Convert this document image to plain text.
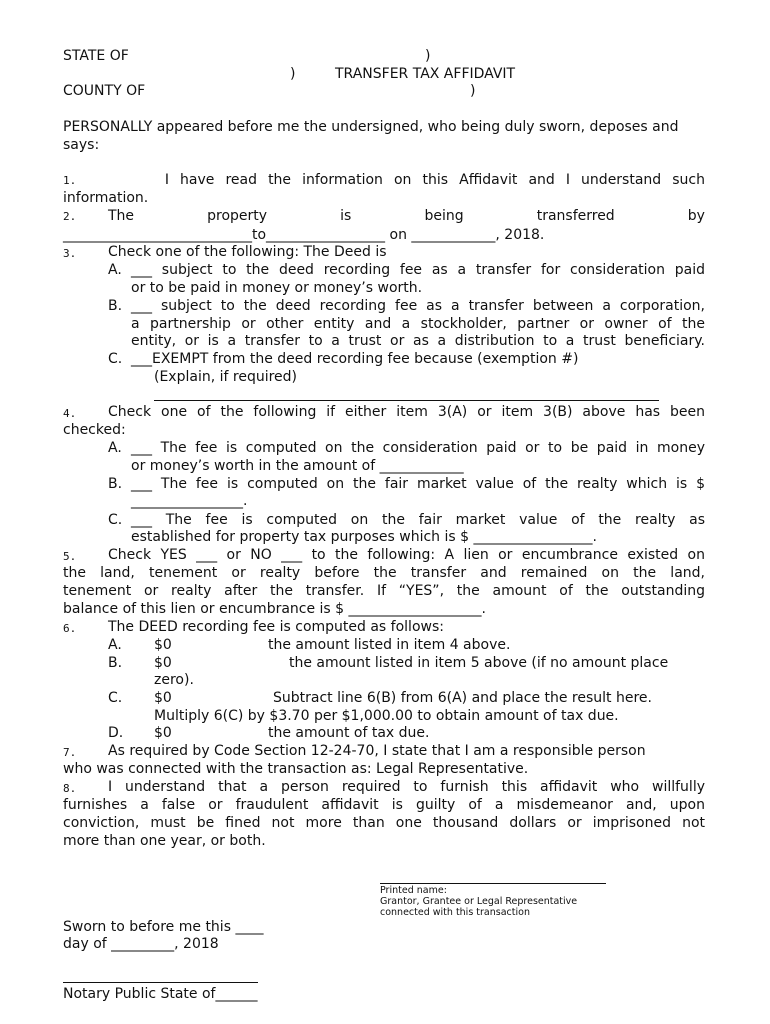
STATE OF	)
)	TRANSFER TAX AFFIDAVIT
COUNTY OF	)
PERSONALLY appeared before me the undersigned, who being duly sworn, deposes and says:
1.	I have read the information on this Affidavit and I understand such
information.
2. The	property	is	being	transferred	by
___________________________to_________________ on ____________, 2018.
3. Check one of the following: The Deed is
A. ___ subject to the deed recording fee as a transfer for consideration paid
or to be paid in money or money’s worth.
B. ___ subject to the deed recording fee as a transfer between a corporation,
a partnership or other entity and a stockholder, partner or owner of the
entity, or is a transfer to a trust or as a distribution to a trust beneficiary.
C. ___EXEMPT from the deed recording fee because (exemption #)
(Explain, if required)
4. Check one of the following if either item 3(A) or item 3(B) above has been
checked:
A. ___ The fee is computed on the consideration paid or to be paid in money
or money’s worth in the amount of ____________
B. ___ The fee is computed on the fair market value of the realty which is $
________________.
C. ___ The fee is computed on the fair market value of the realty as
established for property tax purposes which is $ _________________.
5. Check YES ___ or NO ___ to the following: A lien or encumbrance existed on
the land, tenement or realty before the transfer and remained on the land,
tenement or realty after the transfer. If “YES”, the amount of the outstanding
balance of this lien or encumbrance is $ ___________________.
6. The DEED recording fee is computed as follows:
A. $0	the amount listed in item 4 above.
B. $0	the amount listed in item 5 above (if no amount place
zero).
C. $0	Subtract line 6(B) from 6(A) and place the result here.
Multiply 6(C) by $3.70 per $1,000.00 to obtain amount of tax due.
D. $0	the amount of tax due.
7. As required by Code Section 12-24-70, I state that I am a responsible person
who was connected with the transaction as: Legal Representative.
8. I understand that a person required to furnish this affidavit who willfully
furnishes a false or fraudulent affidavit is guilty of a misdemeanor and, upon
conviction, must be fined not more than one thousand dollars or imprisoned not
more than one year, or both.
Printed name:
Grantor, Grantee or Legal Representative
connected with this transaction
Sworn to before me this ____
day of _________, 2018
Notary Public State of______
